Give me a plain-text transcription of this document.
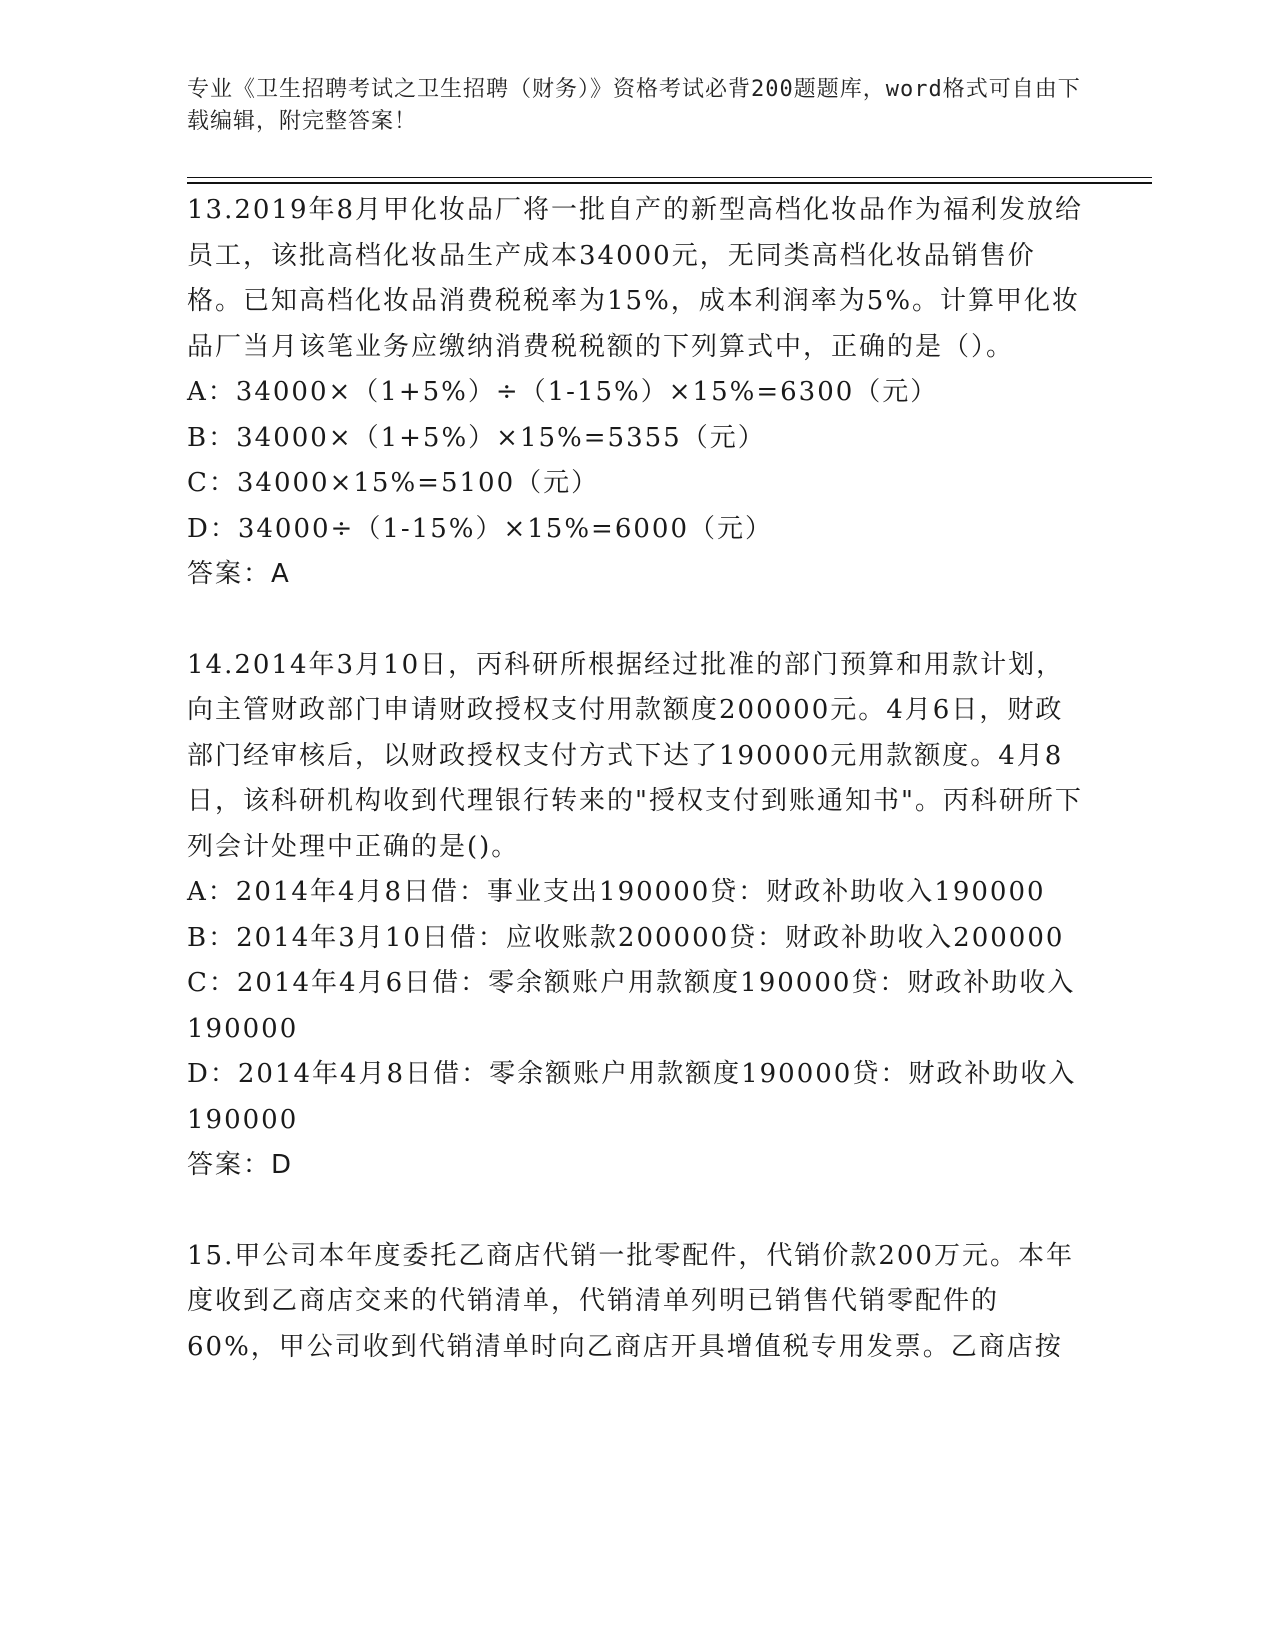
专业《卫生招聘考试之卫生招聘（财务）》资格考试必背200题题库，word格式可自由下载编辑，附完整答案！
13.2019年8月甲化妆品厂将一批自产的新型高档化妆品作为福利发放给员工，该批高档化妆品生产成本34000元，无同类高档化妆品销售价格。已知高档化妆品消费税税率为15%，成本利润率为5%。计算甲化妆品厂当月该笔业务应缴纳消费税税额的下列算式中，正确的是（）。
A：34000×（1+5%）÷（1-15%）×15%=6300（元）
B：34000×（1+5%）×15%=5355（元）
C：34000×15%=5100（元）
D：34000÷（1-15%）×15%=6000（元）
答案：A
14.2014年3月10日，丙科研所根据经过批准的部门预算和用款计划，向主管财政部门申请财政授权支付用款额度200000元。4月6日，财政部门经审核后，以财政授权支付方式下达了190000元用款额度。4月8日，该科研机构收到代理银行转来的"授权支付到账通知书"。丙科研所下列会计处理中正确的是()。
A：2014年4月8日借：事业支出190000贷：财政补助收入190000
B：2014年3月10日借：应收账款200000贷：财政补助收入200000
C：2014年4月6日借：零余额账户用款额度190000贷：财政补助收入190000
D：2014年4月8日借：零余额账户用款额度190000贷：财政补助收入190000
答案：D
15.甲公司本年度委托乙商店代销一批零配件，代销价款200万元。本年度收到乙商店交来的代销清单，代销清单列明已销售代销零配件的60%，甲公司收到代销清单时向乙商店开具增值税专用发票。乙商店按
